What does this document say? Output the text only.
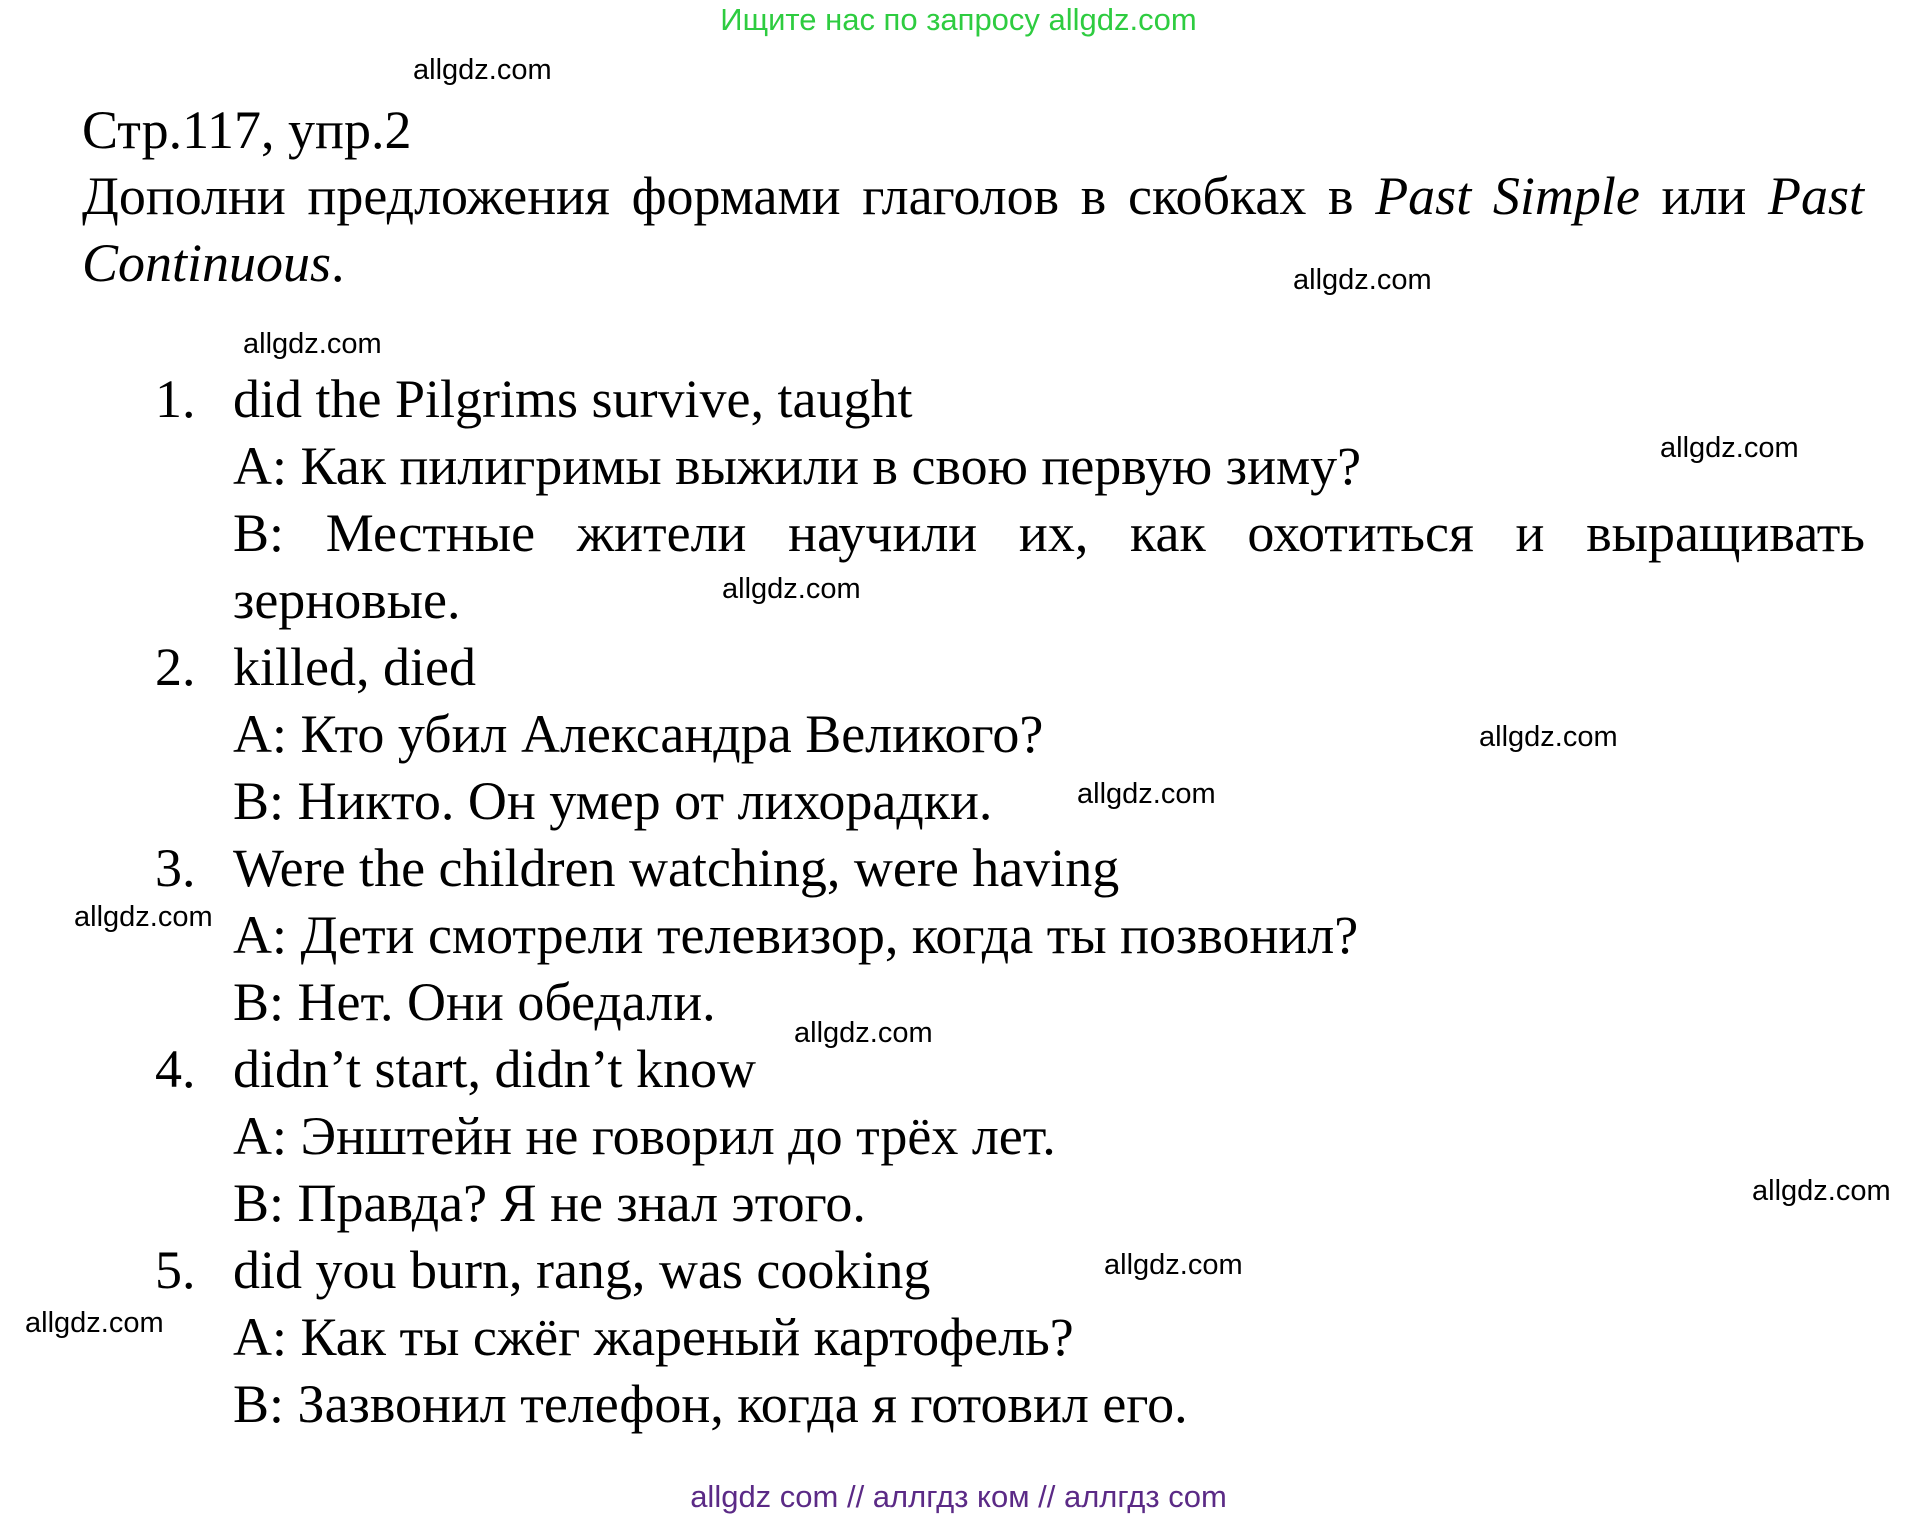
Ищите нас по запросу allgdz.com
Стр.117, упр.2
Дополни предложения формами глаголов в скобках в Past Simple или Past Continuous.
1. did the Pilgrims survive, taught
A: Как пилигримы выжили в свою первую зиму?
B: Местные жители научили их, как охотиться и выращивать зерновые.
2. killed, died
A: Кто убил Александра Великого?
B: Никто. Он умер от лихорадки.
3. Were the children watching, were having
A: Дети смотрели телевизор, когда ты позвонил?
B: Нет. Они обедали.
4. didn’t start, didn’t know
A: Энштейн не говорил до трёх лет.
B: Правда? Я не знал этого.
5. did you burn, rang, was cooking
A: Как ты сжёг жареный картофель?
B: Зазвонил телефон, когда я готовил его.
allgdz.com
allgdz.com
allgdz.com
allgdz.com
allgdz.com
allgdz.com
allgdz.com
allgdz.com
allgdz.com
allgdz.com
allgdz.com
allgdz.com
allgdz com // аллгдз ком // аллгдз com
